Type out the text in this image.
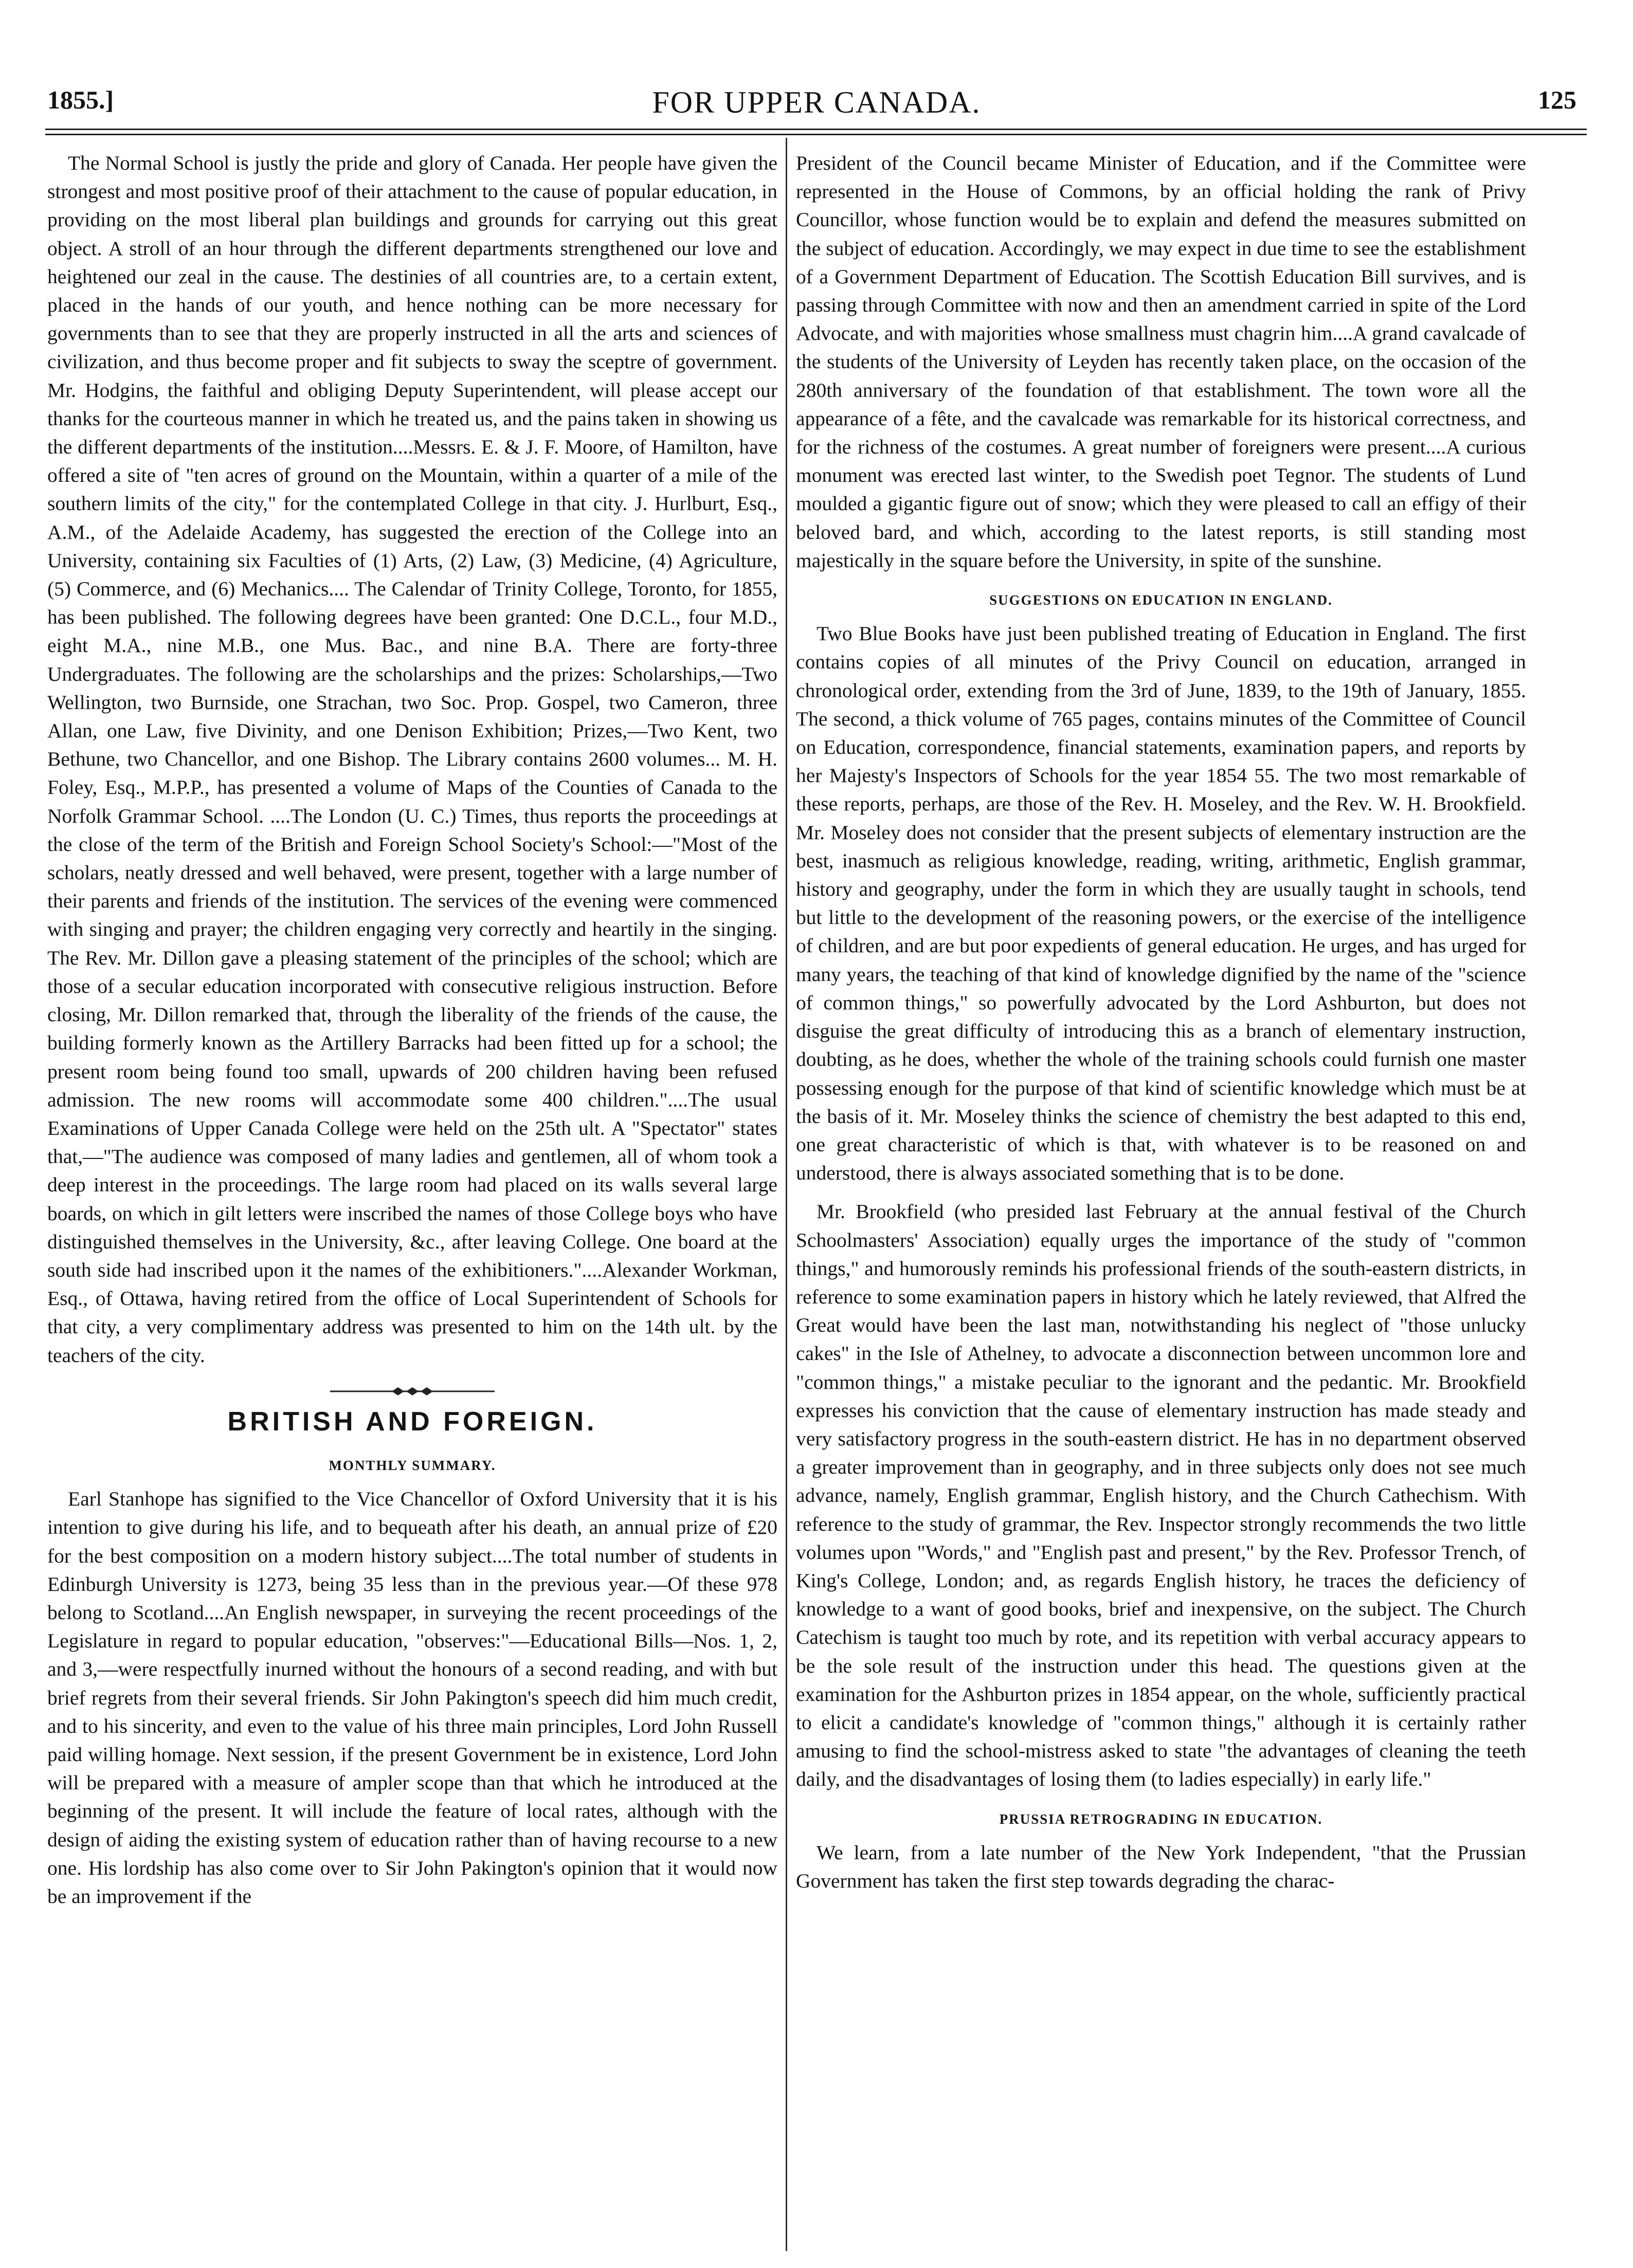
1855.]	FOR UPPER CANADA.	125

The Normal School is justly the pride and glory of Canada. Her people have given the strongest and most positive proof of their attachment to the cause of popular education, in providing on the most liberal plan buildings and grounds for carrying out this great object. A stroll of an hour through the different departments strengthened our love and heightened our zeal in the cause. The destinies of all countries are, to a certain extent, placed in the hands of our youth, and hence nothing can be more necessary for governments than to see that they are properly instructed in all the arts and sciences of civilization, and thus become proper and fit subjects to sway the sceptre of government. Mr. Hodgins, the faithful and obliging Deputy Superintendent, will please accept our thanks for the courteous manner in which he treated us, and the pains taken in showing us the different departments of the institution....Messrs. E. & J. F. Moore, of Hamilton, have offered a site of "ten acres of ground on the Mountain, within a quarter of a mile of the southern limits of the city," for the contemplated College in that city. J. Hurlburt, Esq., A.M., of the Adelaide Academy, has suggested the erection of the College into an University, containing six Faculties of (1) Arts, (2) Law, (3) Medicine, (4) Agriculture, (5) Commerce, and (6) Mechanics.... The Calendar of Trinity College, Toronto, for 1855, has been published. The following degrees have been granted: One D.C.L., four M.D., eight M.A., nine M.B., one Mus. Bac., and nine B.A. There are forty-three Undergraduates. The following are the scholarships and the prizes: Scholarships,—Two Wellington, two Burnside, one Strachan, two Soc. Prop. Gospel, two Cameron, three Allan, one Law, five Divinity, and one Denison Exhibition; Prizes,—Two Kent, two Bethune, two Chancellor, and one Bishop. The Library contains 2600 volumes... M. H. Foley, Esq., M.P.P., has presented a volume of Maps of the Counties of Canada to the Norfolk Grammar School. ....The London (U. C.) Times, thus reports the proceedings at the close of the term of the British and Foreign School Society's School:—"Most of the scholars, neatly dressed and well behaved, were present, together with a large number of their parents and friends of the institution. The services of the evening were commenced with singing and prayer; the children engaging very correctly and heartily in the singing. The Rev. Mr. Dillon gave a pleasing statement of the principles of the school; which are those of a secular education incorporated with consecutive religious instruction. Before closing, Mr. Dillon remarked that, through the liberality of the friends of the cause, the building formerly known as the Artillery Barracks had been fitted up for a school; the present room being found too small, upwards of 200 children having been refused admission. The new rooms will accommodate some 400 children."....The usual Examinations of Upper Canada College were held on the 25th ult. A "Spectator" states that,—"The audience was composed of many ladies and gentlemen, all of whom took a deep interest in the proceedings. The large room had placed on its walls several large boards, on which in gilt letters were inscribed the names of those College boys who have distinguished themselves in the University, &c., after leaving College. One board at the south side had inscribed upon it the names of the exhibitioners."....Alexander Workman, Esq., of Ottawa, having retired from the office of Local Superintendent of Schools for that city, a very complimentary address was presented to him on the 14th ult. by the teachers of the city.

BRITISH AND FOREIGN.
MONTHLY SUMMARY.

Earl Stanhope has signified to the Vice Chancellor of Oxford University that it is his intention to give during his life, and to bequeath after his death, an annual prize of £20 for the best composition on a modern history subject....The total number of students in Edinburgh University is 1273, being 35 less than in the previous year.—Of these 978 belong to Scotland....An English newspaper, in surveying the recent proceedings of the Legislature in regard to popular education, "observes:"—Educational Bills—Nos. 1, 2, and 3,—were respectfully inurned without the honours of a second reading, and with but brief regrets from their several friends. Sir John Pakington's speech did him much credit, and to his sincerity, and even to the value of his three main principles, Lord John Russell paid willing homage. Next session, if the present Government be in existence, Lord John will be prepared with a measure of ampler scope than that which he introduced at the beginning of the present. It will include the feature of local rates, although with the design of aiding the existing system of education rather than of having recourse to a new one. His lordship has also come over to Sir John Pakington's opinion that it would now be an improvement if the

President of the Council became Minister of Education, and if the Committee were represented in the House of Commons, by an official holding the rank of Privy Councillor, whose function would be to explain and defend the measures submitted on the subject of education. Accordingly, we may expect in due time to see the establishment of a Government Department of Education. The Scottish Education Bill survives, and is passing through Committee with now and then an amendment carried in spite of the Lord Advocate, and with majorities whose smallness must chagrin him....A grand cavalcade of the students of the University of Leyden has recently taken place, on the occasion of the 280th anniversary of the foundation of that establishment. The town wore all the appearance of a fête, and the cavalcade was remarkable for its historical correctness, and for the richness of the costumes. A great number of foreigners were present....A curious monument was erected last winter, to the Swedish poet Tegnor. The students of Lund moulded a gigantic figure out of snow; which they were pleased to call an effigy of their beloved bard, and which, according to the latest reports, is still standing most majestically in the square before the University, in spite of the sunshine.

SUGGESTIONS ON EDUCATION IN ENGLAND.

Two Blue Books have just been published treating of Education in England. The first contains copies of all minutes of the Privy Council on education, arranged in chronological order, extending from the 3rd of June, 1839, to the 19th of January, 1855. The second, a thick volume of 765 pages, contains minutes of the Committee of Council on Education, correspondence, financial statements, examination papers, and reports by her Majesty's Inspectors of Schools for the year 1854 55. The two most remarkable of these reports, perhaps, are those of the Rev. H. Moseley, and the Rev. W. H. Brookfield. Mr. Moseley does not consider that the present subjects of elementary instruction are the best, inasmuch as religious knowledge, reading, writing, arithmetic, English grammar, history and geography, under the form in which they are usually taught in schools, tend but little to the development of the reasoning powers, or the exercise of the intelligence of children, and are but poor expedients of general education. He urges, and has urged for many years, the teaching of that kind of knowledge dignified by the name of the "science of common things," so powerfully advocated by the Lord Ashburton, but does not disguise the great difficulty of introducing this as a branch of elementary instruction, doubting, as he does, whether the whole of the training schools could furnish one master possessing enough for the purpose of that kind of scientific knowledge which must be at the basis of it. Mr. Moseley thinks the science of chemistry the best adapted to this end, one great characteristic of which is that, with whatever is to be reasoned on and understood, there is always associated something that is to be done.

Mr. Brookfield (who presided last February at the annual festival of the Church Schoolmasters' Association) equally urges the importance of the study of "common things," and humorously reminds his professional friends of the south-eastern districts, in reference to some examination papers in history which he lately reviewed, that Alfred the Great would have been the last man, notwithstanding his neglect of "those unlucky cakes" in the Isle of Athelney, to advocate a disconnection between uncommon lore and "common things," a mistake peculiar to the ignorant and the pedantic. Mr. Brookfield expresses his conviction that the cause of elementary instruction has made steady and very satisfactory progress in the south-eastern district. He has in no department observed a greater improvement than in geography, and in three subjects only does not see much advance, namely, English grammar, English history, and the Church Cathechism. With reference to the study of grammar, the Rev. Inspector strongly recommends the two little volumes upon "Words," and "English past and present," by the Rev. Professor Trench, of King's College, London; and, as regards English history, he traces the deficiency of knowledge to a want of good books, brief and inexpensive, on the subject. The Church Catechism is taught too much by rote, and its repetition with verbal accuracy appears to be the sole result of the instruction under this head. The questions given at the examination for the Ashburton prizes in 1854 appear, on the whole, sufficiently practical to elicit a candidate's knowledge of "common things," although it is certainly rather amusing to find the school-mistress asked to state "the advantages of cleaning the teeth daily, and the disadvantages of losing them (to ladies especially) in early life."

PRUSSIA RETROGRADING IN EDUCATION.

We learn, from a late number of the New York Independent, "that the Prussian Government has taken the first step towards degrading the charac-
